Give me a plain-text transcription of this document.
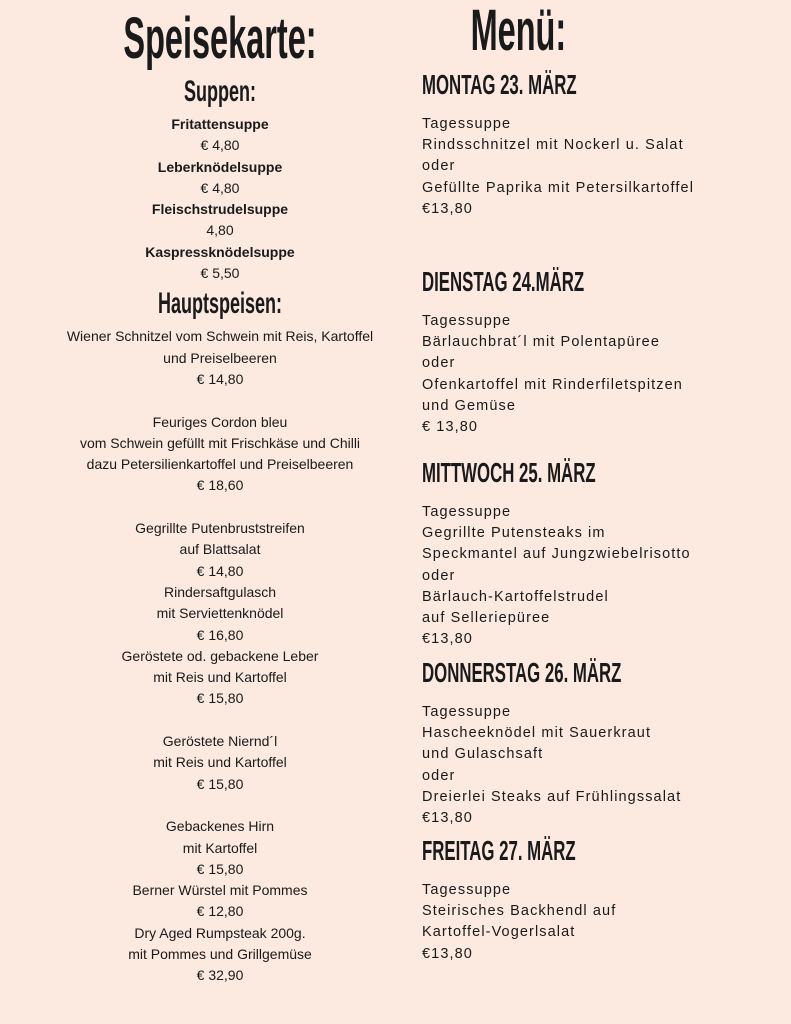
Speisekarte:
Suppen:
Fritattensuppe
€ 4,80
Leberknödelsuppe
€ 4,80
Fleischstrudelsuppe
4,80
Kaspressknödelsuppe
€ 5,50
Hauptspeisen:
Wiener Schnitzel vom Schwein mit Reis, Kartoffel
und Preiselbeeren
€ 14,80
Feuriges Cordon bleu
vom Schwein gefüllt mit Frischkäse und Chilli
dazu Petersilienkartoffel und Preiselbeeren
€ 18,60
Gegrillte Putenbruststreifen
auf Blattsalat
€ 14,80
Rindersaftgulasch
mit Serviettenknödel
€ 16,80
Geröstete od. gebackene Leber
mit Reis und Kartoffel
€ 15,80
Geröstete Niernd´l
mit Reis und Kartoffel
€ 15,80
Gebackenes Hirn
mit Kartoffel
€ 15,80
Berner Würstel mit Pommes
€ 12,80
Dry Aged Rumpsteak 200g.
mit Pommes und Grillgemüse
€ 32,90
Menü:
MONTAG 23. MÄRZ
Tagessuppe
Rindsschnitzel mit Nockerl u. Salat
oder
Gefüllte Paprika mit Petersilkartoffel
€13,80
DIENSTAG 24.MÄRZ
Tagessuppe
Bärlauchbrat´l mit Polentapüree
oder
Ofenkartoffel mit Rinderfiletspitzen
und Gemüse
€ 13,80
MITTWOCH 25. MÄRZ
Tagessuppe
Gegrillte Putensteaks im
Speckmantel auf Jungzwiebelrisotto
oder
Bärlauch-Kartoffelstrudel
auf Selleriepüree
€13,80
DONNERSTAG 26. MÄRZ
Tagessuppe
Hascheeknödel mit Sauerkraut
und Gulaschsaft
oder
Dreierlei Steaks auf Frühlingssalat
€13,80
FREITAG 27. MÄRZ
Tagessuppe
Steirisches Backhendl auf
Kartoffel-Vogerlsalat
€13,80
